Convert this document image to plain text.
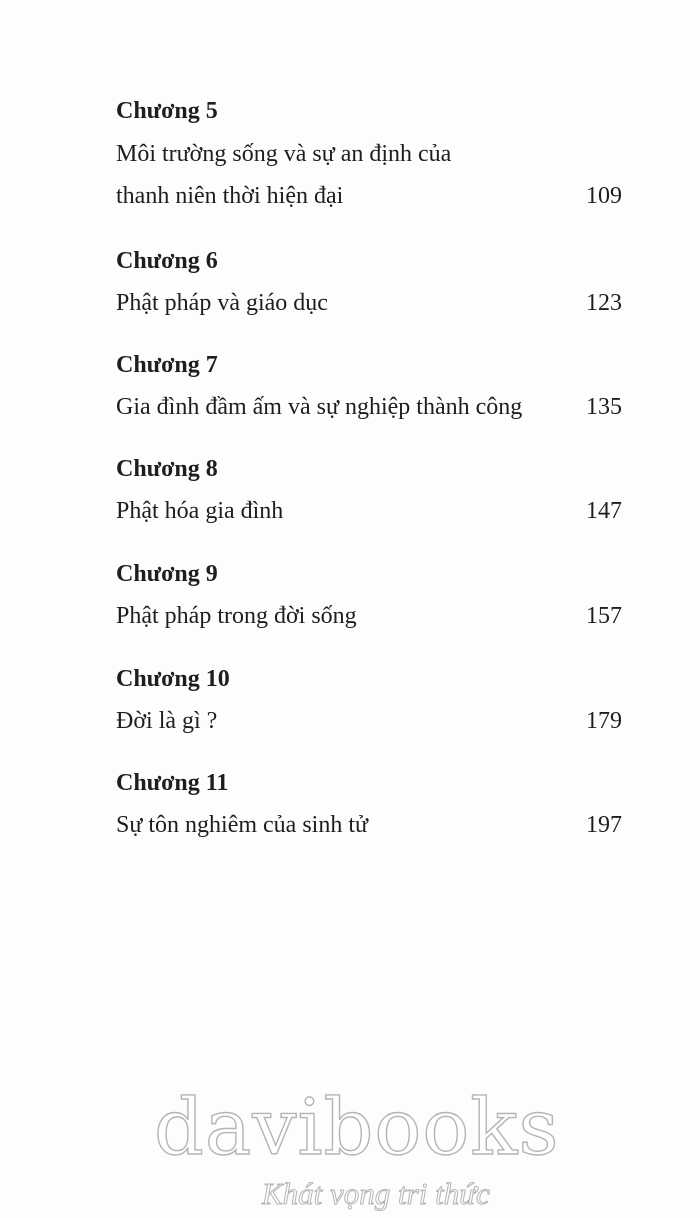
Chương 5
Môi trường sống và sự an định của
thanh niên thời hiện đại	109
Chương 6
Phật pháp và giáo dục	123
Chương 7
Gia đình đầm ấm và sự nghiệp thành công	135
Chương 8
Phật hóa gia đình	147
Chương 9
Phật pháp trong đời sống	157
Chương 10
Đời là gì ?	179
Chương 11
Sự tôn nghiêm của sinh tử	197
davibooks
Khát vọng tri thức
